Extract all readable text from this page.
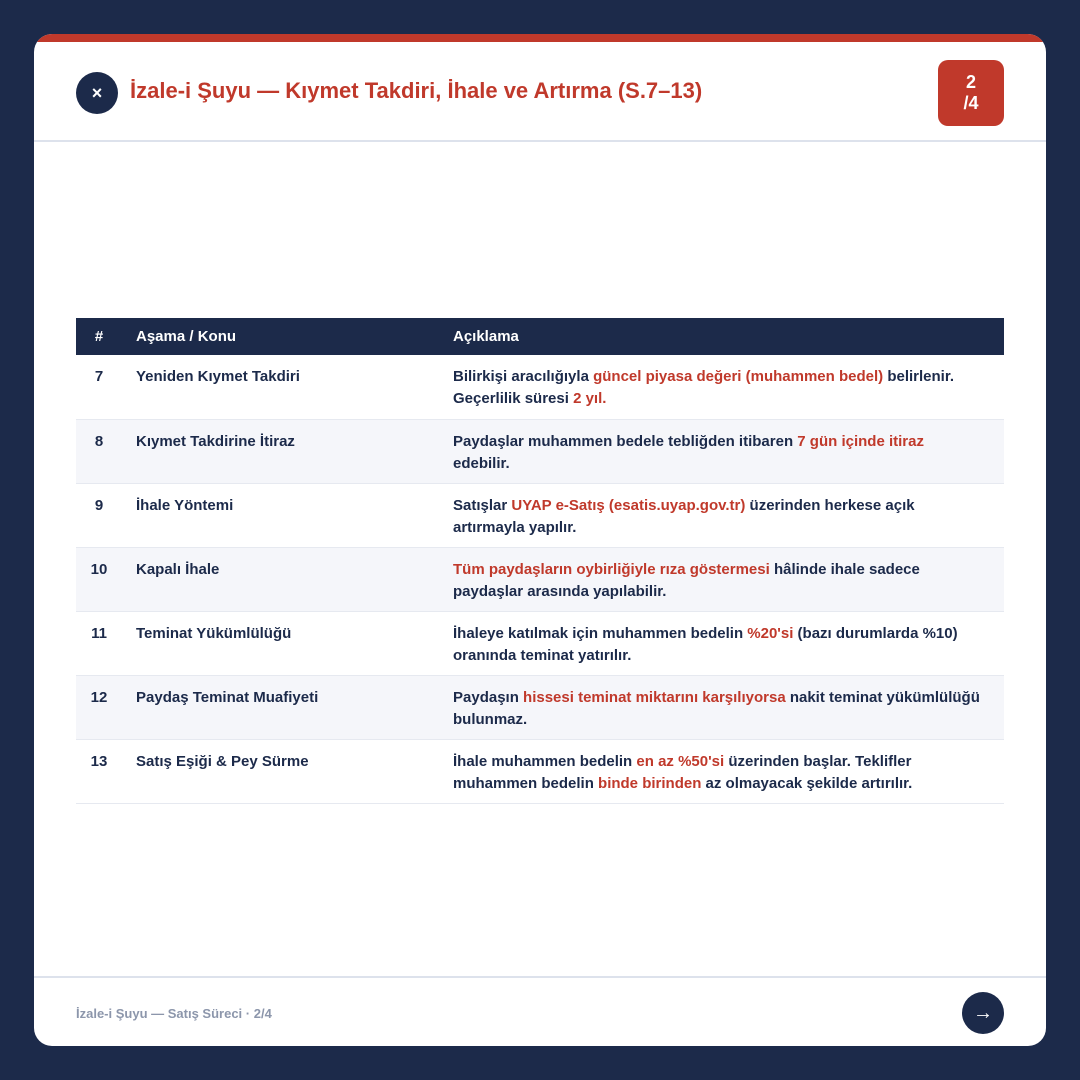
×	İzale-i Şuyu — Kıymet Takdiri, İhale ve Artırma (S.7–13)	2
/4
#	Aşama / Konu	Açıklama
7	Yeniden Kıymet Takdiri	Bilirkişi aracılığıyla güncel piyasa değeri (muhammen bedel) belirlenir. Geçerlilik süresi 2 yıl.
8	Kıymet Takdirine İtiraz	Paydaşlar muhammen bedele tebliğden itibaren 7 gün içinde itiraz edebilir.
9	İhale Yöntemi	Satışlar UYAP e-Satış (esatis.uyap.gov.tr) üzerinden herkese açık artırmayla yapılır.
10	Kapalı İhale	Tüm paydaşların oybirliğiyle rıza göstermesi hâlinde ihale sadece paydaşlar arasında yapılabilir.
11	Teminat Yükümlülüğü	İhaleye katılmak için muhammen bedelin %20'si (bazı durumlarda %10) oranında teminat yatırılır.
12	Paydaş Teminat Muafiyeti	Paydaşın hissesi teminat miktarını karşılıyorsa nakit teminat yükümlülüğü bulunmaz.
13	Satış Eşiği & Pey Sürme	İhale muhammen bedelin en az %50'si üzerinden başlar. Teklifler muhammen bedelin binde birinden az olmayacak şekilde artırılır.
İzale-i Şuyu — Satış Süreci · 2/4	→
